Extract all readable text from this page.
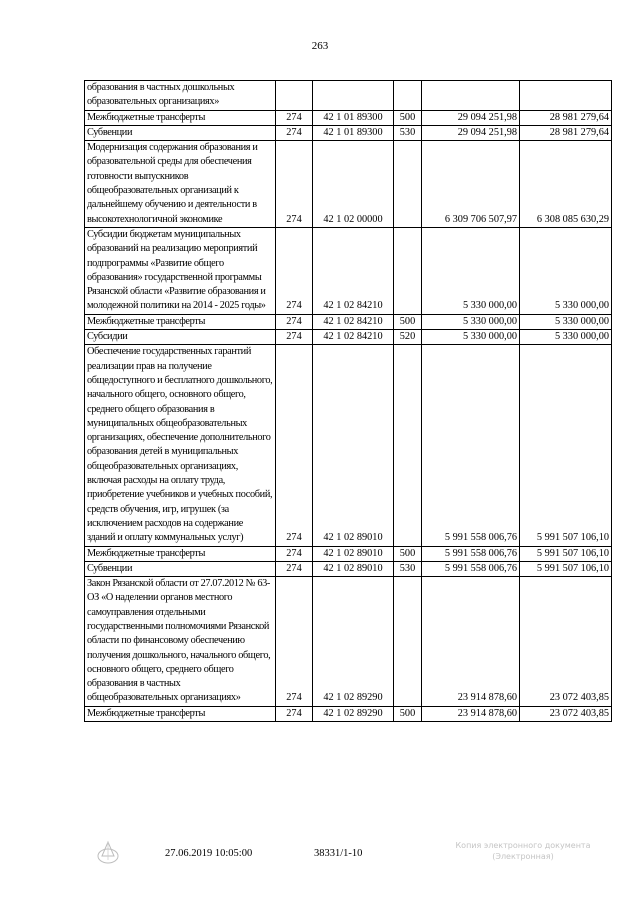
263
образования в частных дошкольных образовательных организациях»					
Межбюджетные трансферты	274	42 1 01 89300	500	29 094 251,98	28 981 279,64
Субвенции	274	42 1 01 89300	530	29 094 251,98	28 981 279,64
Модернизация содержания образования и образовательной среды для обеспечения готовности выпускников общеобразовательных организаций к дальнейшему обучению и деятельности в высокотехнологичной экономике	274	42 1 02 00000		6 309 706 507,97	6 308 085 630,29
Субсидии бюджетам муниципальных образований на реализацию мероприятий подпрограммы «Развитие общего образования» государственной программы Рязанской области «Развитие образования и молодежной политики на 2014 - 2025 годы»	274	42 1 02 84210		5 330 000,00	5 330 000,00
Межбюджетные трансферты	274	42 1 02 84210	500	5 330 000,00	5 330 000,00
Субсидии	274	42 1 02 84210	520	5 330 000,00	5 330 000,00
Обеспечение государственных гарантий реализации прав на получение общедоступного и бесплатного дошкольного, начального общего, основного общего, среднего общего образования в муниципальных общеобразовательных организациях, обеспечение дополнительного образования детей в муниципальных общеобразовательных организациях, включая расходы на оплату труда, приобретение учебников и учебных пособий, средств обучения, игр, игрушек (за исключением расходов на содержание зданий и оплату коммунальных услуг)	274	42 1 02 89010		5 991 558 006,76	5 991 507 106,10
Межбюджетные трансферты	274	42 1 02 89010	500	5 991 558 006,76	5 991 507 106,10
Субвенции	274	42 1 02 89010	530	5 991 558 006,76	5 991 507 106,10
Закон Рязанской области от 27.07.2012 № 63-ОЗ «О наделении органов местного самоуправления отдельными государственными полномочиями Рязанской области по финансовому обеспечению получения дошкольного, начального общего, основного общего, среднего общего образования в частных общеобразовательных организациях»	274	42 1 02 89290		23 914 878,60	23 072 403,85
Межбюджетные трансферты	274	42 1 02 89290	500	23 914 878,60	23 072 403,85
27.06.2019 10:05:00	38331/1-10
Копия электронного документа (Электронная)
